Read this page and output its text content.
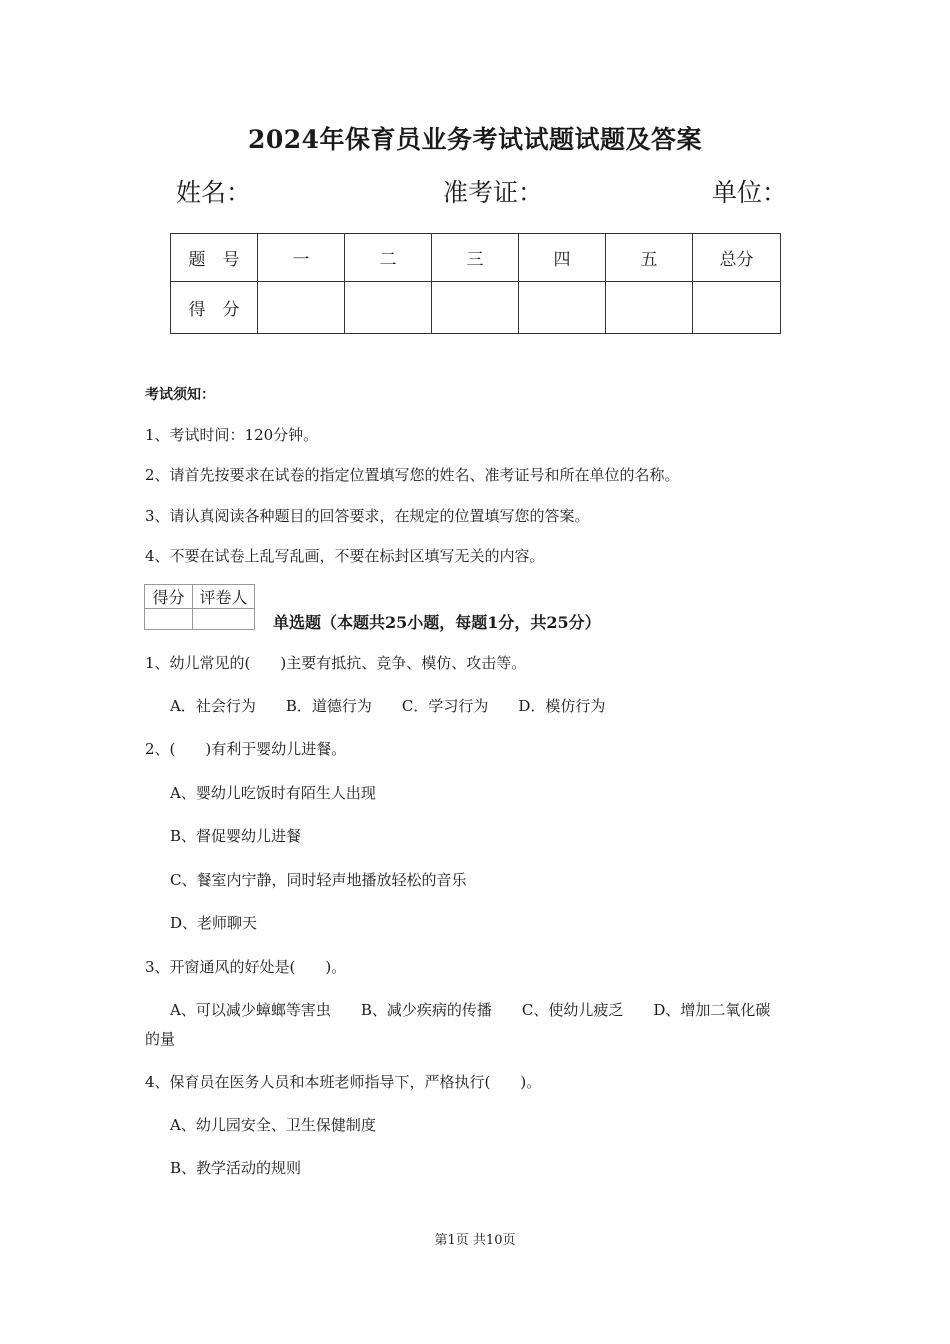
2024年保育员业务考试试题试题及答案
姓名：	准考证：	单位：
题　号	一	二	三	四	五	总分
得　分						
考试须知：
1、考试时间：120分钟。
2、请首先按要求在试卷的指定位置填写您的姓名、准考证号和所在单位的名称。
3、请认真阅读各种题目的回答要求，在规定的位置填写您的答案。
4、不要在试卷上乱写乱画，不要在标封区填写无关的内容。
得分	评卷人

单选题（本题共25小题，每题1分，共25分）
1、幼儿常见的(　　)主要有抵抗、竞争、模仿、攻击等。
A．社会行为　　B．道德行为　　C．学习行为　　D．模仿行为
2、(　　)有利于婴幼儿进餐。
A、婴幼儿吃饭时有陌生人出现
B、督促婴幼儿进餐
C、餐室内宁静，同时轻声地播放轻松的音乐
D、老师聊天
3、开窗通风的好处是(　　)。
A、可以减少蟑螂等害虫　　B、减少疾病的传播　　C、使幼儿疲乏　　D、增加二氧化碳
的量
4、保育员在医务人员和本班老师指导下，严格执行(　　)。
A、幼儿园安全、卫生保健制度
B、教学活动的规则
第1页 共10页
